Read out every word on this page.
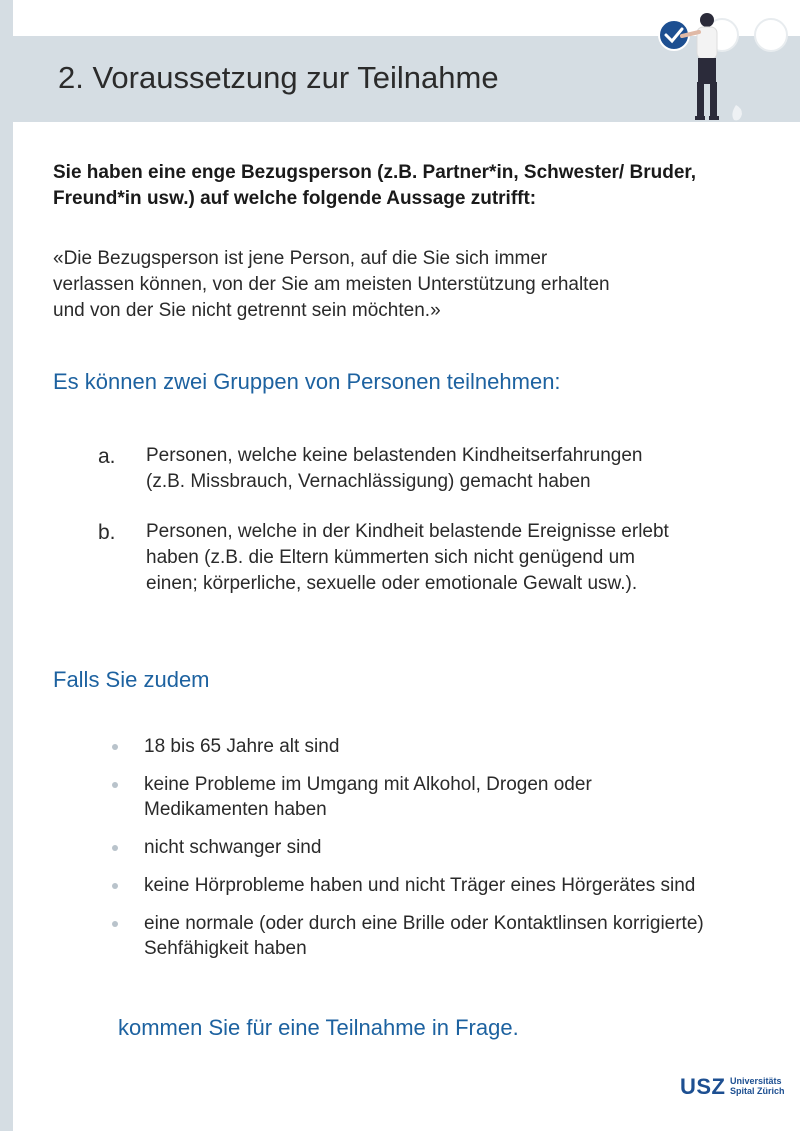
2. Voraussetzung zur Teilnahme
Sie haben eine enge Bezugsperson (z.B. Partner*in, Schwester/ Bruder, Freund*in usw.) auf welche folgende Aussage zutrifft:
«Die Bezugsperson ist jene Person, auf die Sie sich immer
verlassen können, von der Sie am meisten Unterstützung erhalten
und von der Sie nicht getrennt sein möchten.»
Es können zwei Gruppen von Personen teilnehmen:
a. Personen, welche keine belastenden Kindheitserfahrungen
(z.B. Missbrauch, Vernachlässigung) gemacht haben
b. Personen, welche in der Kindheit belastende Ereignisse erlebt
haben (z.B. die Eltern kümmerten sich nicht genügend um
einen; körperliche, sexuelle oder emotionale Gewalt usw.).
Falls Sie zudem
18 bis 65 Jahre alt sind
keine Probleme im Umgang mit Alkohol, Drogen oder
Medikamenten haben
nicht schwanger sind
keine Hörprobleme haben und nicht Träger eines Hörgerätes sind
eine normale (oder durch eine Brille oder Kontaktlinsen korrigierte)
Sehfähigkeit haben
kommen Sie für eine Teilnahme in Frage.
USZ Universitäts
Spital Zürich
